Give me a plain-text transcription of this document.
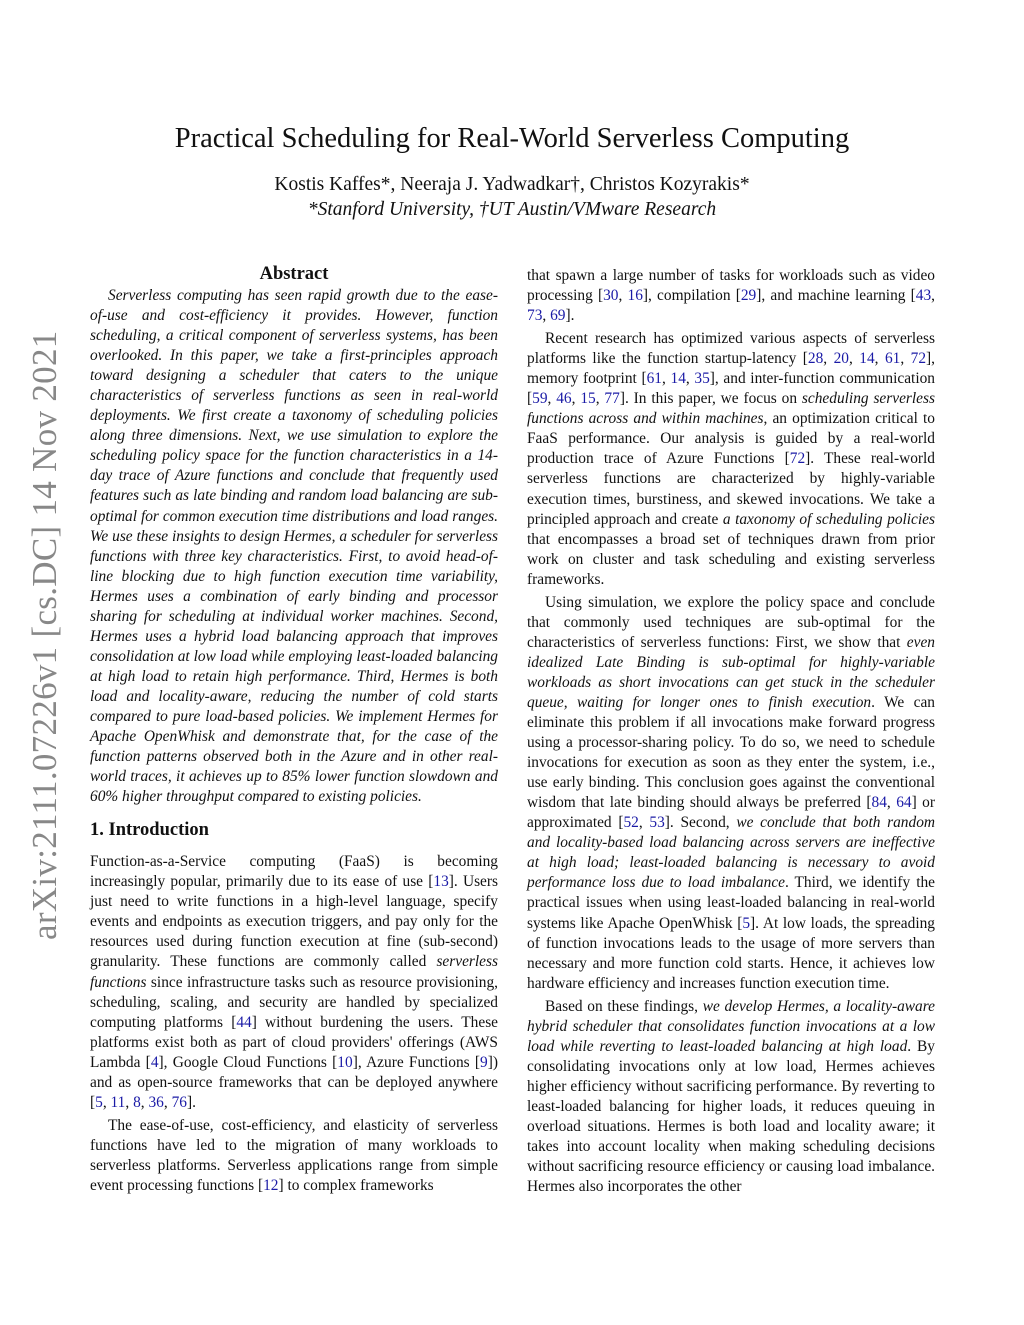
arXiv:2111.07226v1 [cs.DC] 14 Nov 2021
Practical Scheduling for Real-World Serverless Computing
Kostis Kaffes*, Neeraja J. Yadwadkar†, Christos Kozyrakis*
*Stanford University, †UT Austin/VMware Research
Abstract

Serverless computing has seen rapid growth due to the ease-of-use and cost-efficiency it provides. However, function scheduling, a critical component of serverless systems, has been overlooked. In this paper, we take a first-principles approach toward designing a scheduler that caters to the unique characteristics of serverless functions as seen in real-world deployments. We first create a taxonomy of scheduling policies along three dimensions. Next, we use simulation to explore the scheduling policy space for the function characteristics in a 14-day trace of Azure functions and conclude that frequently used features such as late binding and random load balancing are sub-optimal for common execution time distributions and load ranges. We use these insights to design Hermes, a scheduler for serverless functions with three key characteristics. First, to avoid head-of-line blocking due to high function execution time variability, Hermes uses a combination of early binding and processor sharing for scheduling at individual worker machines. Second, Hermes uses a hybrid load balancing approach that improves consolidation at low load while employing least-loaded balancing at high load to retain high performance. Third, Hermes is both load and locality-aware, reducing the number of cold starts compared to pure load-based policies. We implement Hermes for Apache OpenWhisk and demonstrate that, for the case of the function patterns observed both in the Azure and in other real-world traces, it achieves up to 85% lower function slowdown and 60% higher throughput compared to existing policies.

1. Introduction

Function-as-a-Service computing (FaaS) is becoming increasingly popular, primarily due to its ease of use [13]. Users just need to write functions in a high-level language, specify events and endpoints as execution triggers, and pay only for the resources used during function execution at fine (sub-second) granularity. These functions are commonly called serverless functions since infrastructure tasks such as resource provisioning, scheduling, scaling, and security are handled by specialized computing platforms [44] without burdening the users. These platforms exist both as part of cloud providers' offerings (AWS Lambda [4], Google Cloud Functions [10], Azure Functions [9]) and as open-source frameworks that can be deployed anywhere [5, 11, 8, 36, 76].

The ease-of-use, cost-efficiency, and elasticity of serverless functions have led to the migration of many workloads to serverless platforms. Serverless applications range from simple event processing functions [12] to complex frameworks

that spawn a large number of tasks for workloads such as video processing [30, 16], compilation [29], and machine learning [43, 73, 69].

Recent research has optimized various aspects of serverless platforms like the function startup-latency [28, 20, 14, 61, 72], memory footprint [61, 14, 35], and inter-function communication [59, 46, 15, 77]. In this paper, we focus on scheduling serverless functions across and within machines, an optimization critical to FaaS performance. Our analysis is guided by a real-world production trace of Azure Functions [72]. These real-world serverless functions are characterized by highly-variable execution times, burstiness, and skewed invocations. We take a principled approach and create a taxonomy of scheduling policies that encompasses a broad set of techniques drawn from prior work on cluster and task scheduling and existing serverless frameworks.

Using simulation, we explore the policy space and conclude that commonly used techniques are sub-optimal for the characteristics of serverless functions: First, we show that even idealized Late Binding is sub-optimal for highly-variable workloads as short invocations can get stuck in the scheduler queue, waiting for longer ones to finish execution. We can eliminate this problem if all invocations make forward progress using a processor-sharing policy. To do so, we need to schedule invocations for execution as soon as they enter the system, i.e., use early binding. This conclusion goes against the conventional wisdom that late binding should always be preferred [84, 64] or approximated [52, 53]. Second, we conclude that both random and locality-based load balancing across servers are ineffective at high load; least-loaded balancing is necessary to avoid performance loss due to load imbalance. Third, we identify the practical issues when using least-loaded balancing in real-world systems like Apache OpenWhisk [5]. At low loads, the spreading of function invocations leads to the usage of more servers than necessary and more function cold starts. Hence, it achieves low hardware efficiency and increases function execution time.

Based on these findings, we develop Hermes, a locality-aware hybrid scheduler that consolidates function invocations at a low load while reverting to least-loaded balancing at high load. By consolidating invocations only at low load, Hermes achieves higher efficiency without sacrificing performance. By reverting to least-loaded balancing for higher loads, it reduces queuing in overload situations. Hermes is both load and locality aware; it takes into account locality when making scheduling decisions without sacrificing resource efficiency or causing load imbalance. Hermes also incorporates the other
